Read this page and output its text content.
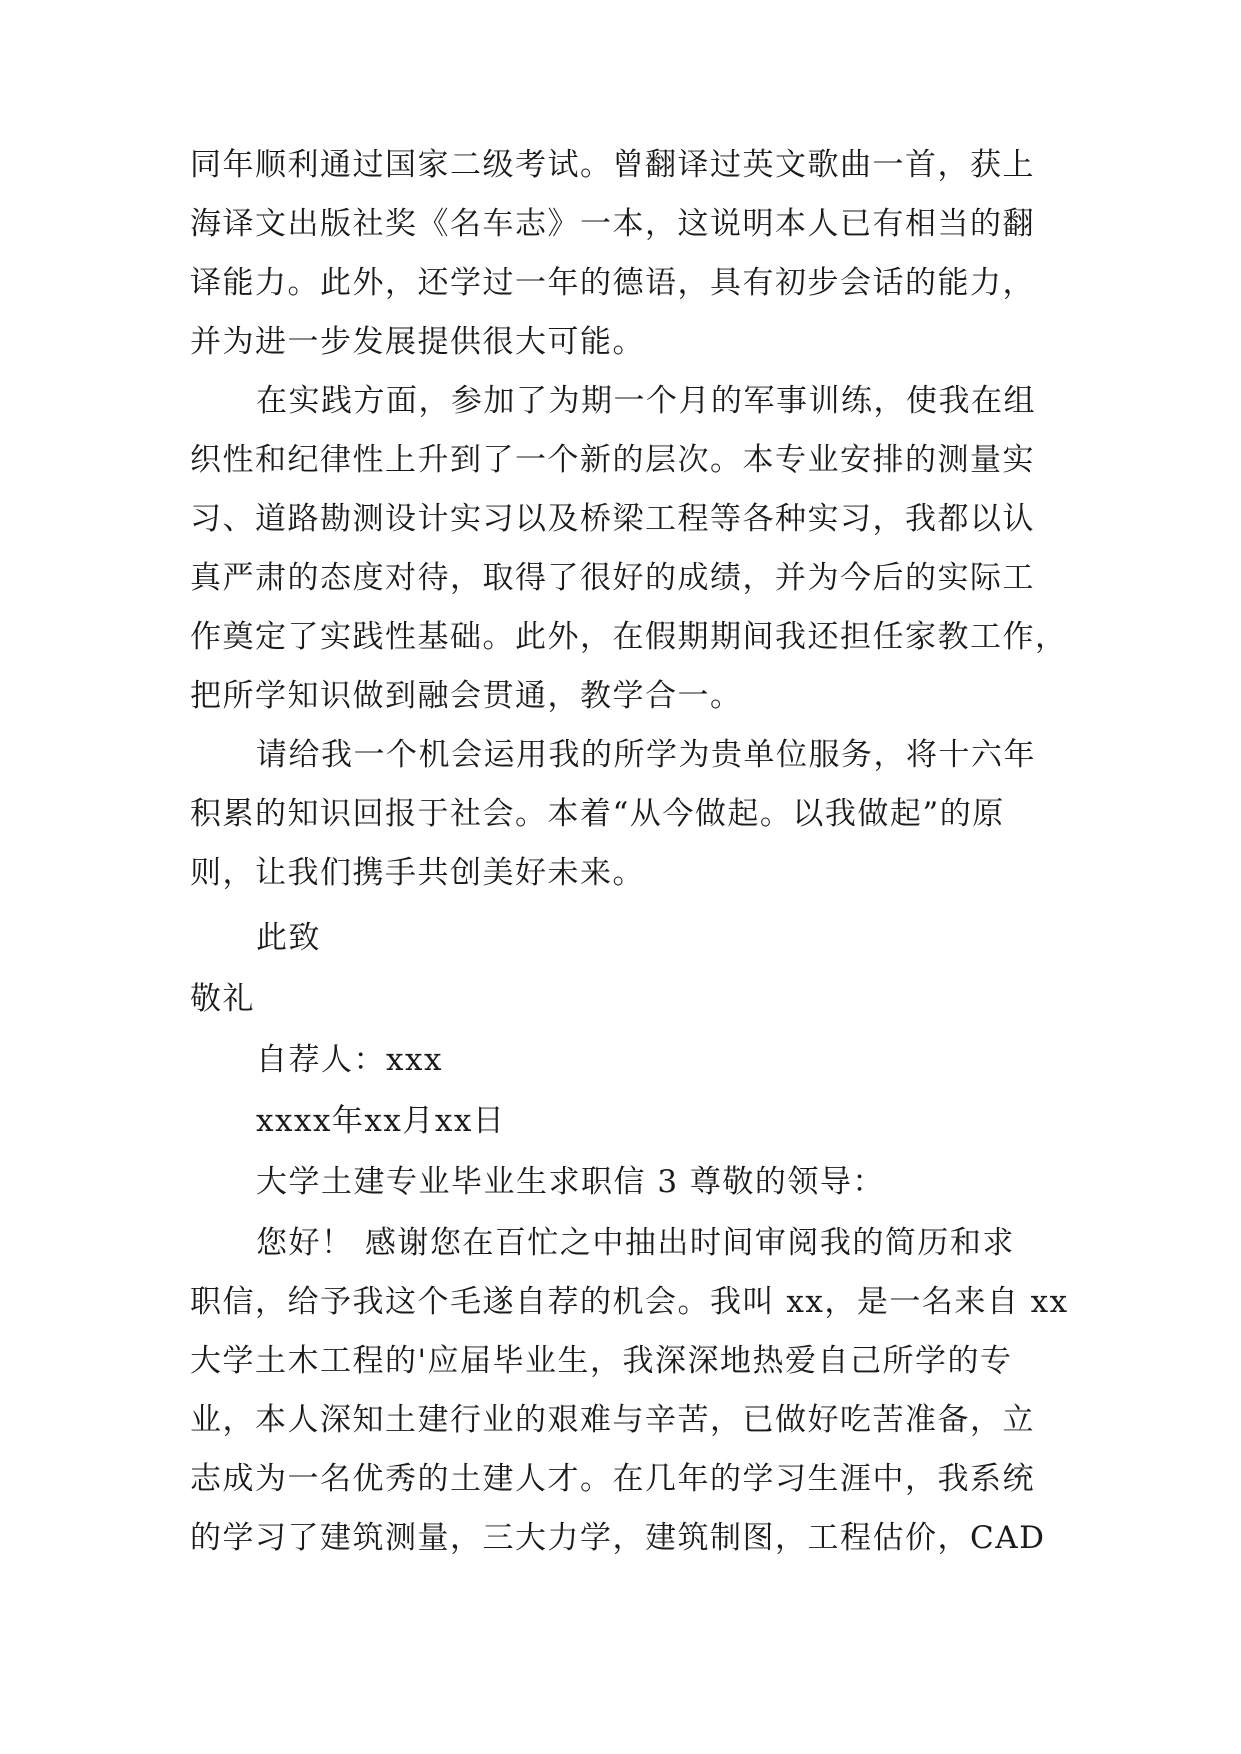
同年顺利通过国家二级考试。曾翻译过英文歌曲一首，获上
海译文出版社奖《名车志》一本，这说明本人已有相当的翻
译能力。此外，还学过一年的德语，具有初步会话的能力，
并为进一步发展提供很大可能。
在实践方面，参加了为期一个月的军事训练，使我在组
织性和纪律性上升到了一个新的层次。本专业安排的测量实
习、道路勘测设计实习以及桥梁工程等各种实习，我都以认
真严肃的态度对待，取得了很好的成绩，并为今后的实际工
作奠定了实践性基础。此外，在假期期间我还担任家教工作，
把所学知识做到融会贯通，教学合一。
请给我一个机会运用我的所学为贵单位服务，将十六年
积累的知识回报于社会。本着“从今做起。以我做起”的原
则，让我们携手共创美好未来。
此致
敬礼
自荐人：xxx
xxxx年xx月xx日
大学土建专业毕业生求职信 3 尊敬的领导：
您好！ 感谢您在百忙之中抽出时间审阅我的简历和求
职信，给予我这个毛遂自荐的机会。我叫 xx，是一名来自 xx
大学土木工程的'应届毕业生，我深深地热爱自己所学的专
业，本人深知土建行业的艰难与辛苦，已做好吃苦准备，立
志成为一名优秀的土建人才。在几年的学习生涯中，我系统
的学习了建筑测量，三大力学，建筑制图，工程估价，CAD
